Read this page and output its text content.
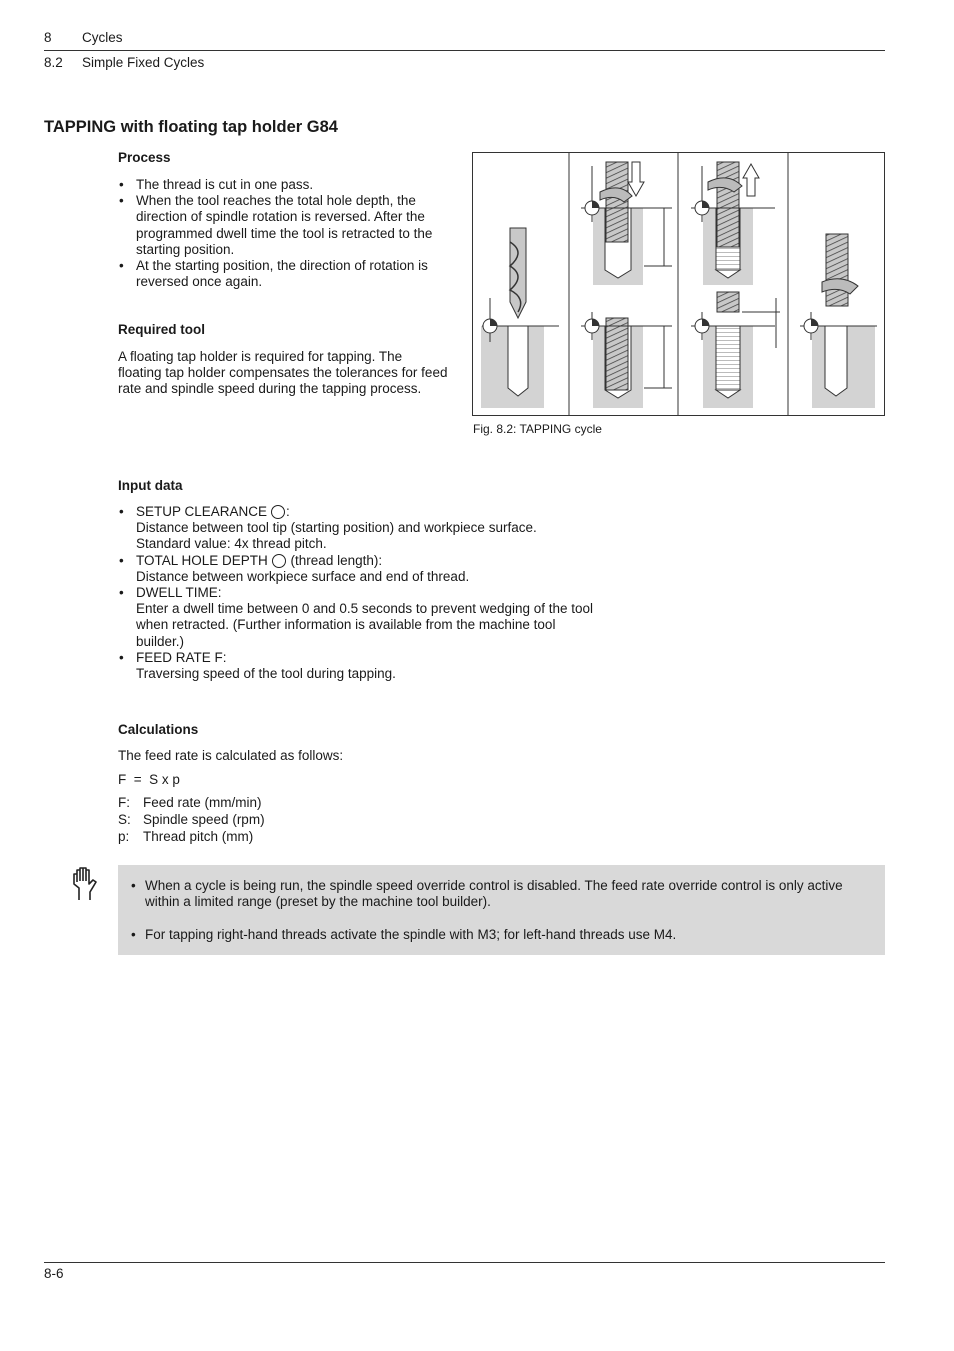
8 Cycles
8.2 Simple Fixed Cycles
TAPPING with floating tap holder G84
Process
• The thread is cut in one pass.
• When the tool reaches the total hole depth, the direction of spindle rotation is reversed. After the programmed dwell time the tool is retracted to the starting position.
• At the starting position, the direction of rotation is reversed once again.
Required tool
A floating tap holder is required for tapping. The floating tap holder compensates the tolerances for feed rate and spindle speed during the tapping process.
Fig. 8.2: TAPPING cycle
Input data
• SETUP CLEARANCE :
Distance between tool tip (starting position) and workpiece surface.
Standard value: 4x thread pitch.
• TOTAL HOLE DEPTH (thread length):
Distance between workpiece surface and end of thread.
• DWELL TIME:
Enter a dwell time between 0 and 0.5 seconds to prevent wedging of the tool when retracted. (Further information is available from the machine tool builder.)
• FEED RATE F:
Traversing speed of the tool during tapping.
Calculations
The feed rate is calculated as follows:
F  =  S x p
F: Feed rate (mm/min)
S: Spindle speed (rpm)
p: Thread pitch (mm)
• When a cycle is being run, the spindle speed override control is disabled. The feed rate override control is only active within a limited range (preset by the machine tool builder).
• For tapping right-hand threads activate the spindle with M3; for left-hand threads use M4.
8-6
